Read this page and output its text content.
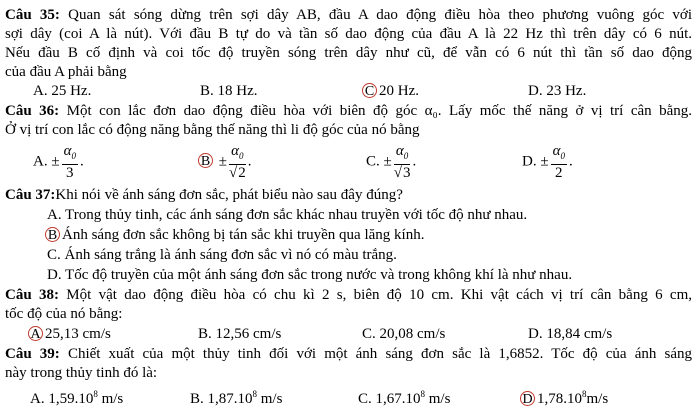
Câu 35: Quan sát sóng dừng trên sợi dây AB, đầu A dao động điều hòa theo phương vuông góc với
sợi dây (coi A là nút). Với đầu B tự do và tần số dao động của đầu A là 22 Hz thì trên dây có 6 nút.
Nếu đầu B cố định và coi tốc độ truyền sóng trên dây như cũ, để vẫn có 6 nút thì tần số dao động
của đầu A phải bằng
A. 25 Hz.	B. 18 Hz.	C 20 Hz.	D. 23 Hz.
Câu 36: Một con lắc đơn dao động điều hòa với biên độ góc α₀. Lấy mốc thế năng ở vị trí cân bằng.
Ở vị trí con lắc có động năng bằng thế năng thì li độ góc của nó bằng
A. ± $\frac{\alpha_0}{3}$ .	$B \pm \frac{\alpha_0}{√2}$ .	C. ± $\frac{\alpha_0}{√3}$ .	D. ± $\frac{\alpha_0}{2}$ .
Câu 37:Khi nói về ánh sáng đơn sắc, phát biểu nào sau đây đúng?
A. Trong thủy tinh, các ánh sáng đơn sắc khác nhau truyền với tốc độ như nhau.
B Ánh sáng đơn sắc không bị tán sắc khi truyền qua lăng kính.
C. Ánh sáng trắng là ánh sáng đơn sắc vì nó có màu trắng.
D. Tốc độ truyền của một ánh sáng đơn sắc trong nước và trong không khí là như nhau.
Câu 38: Một vật dao động điều hòa có chu kì 2 s, biên độ 10 cm. Khi vật cách vị trí cân bằng 6 cm,
tốc độ của nó bằng:
A 25,13 cm/s	B. 12,56 cm/s	C. 20,08 cm/s	D. 18,84 cm/s
Câu 39: Chiết xuất của một thủy tinh đối với một ánh sáng đơn sắc là 1,6852. Tốc độ của ánh sáng
này trong thủy tinh đó là:
A. 1,59.10$^8$ m/s	B. 1,87.10$^8$ m/s	C. 1,67.10$^8$ m/s	D 1,78.10$^8$m/s
